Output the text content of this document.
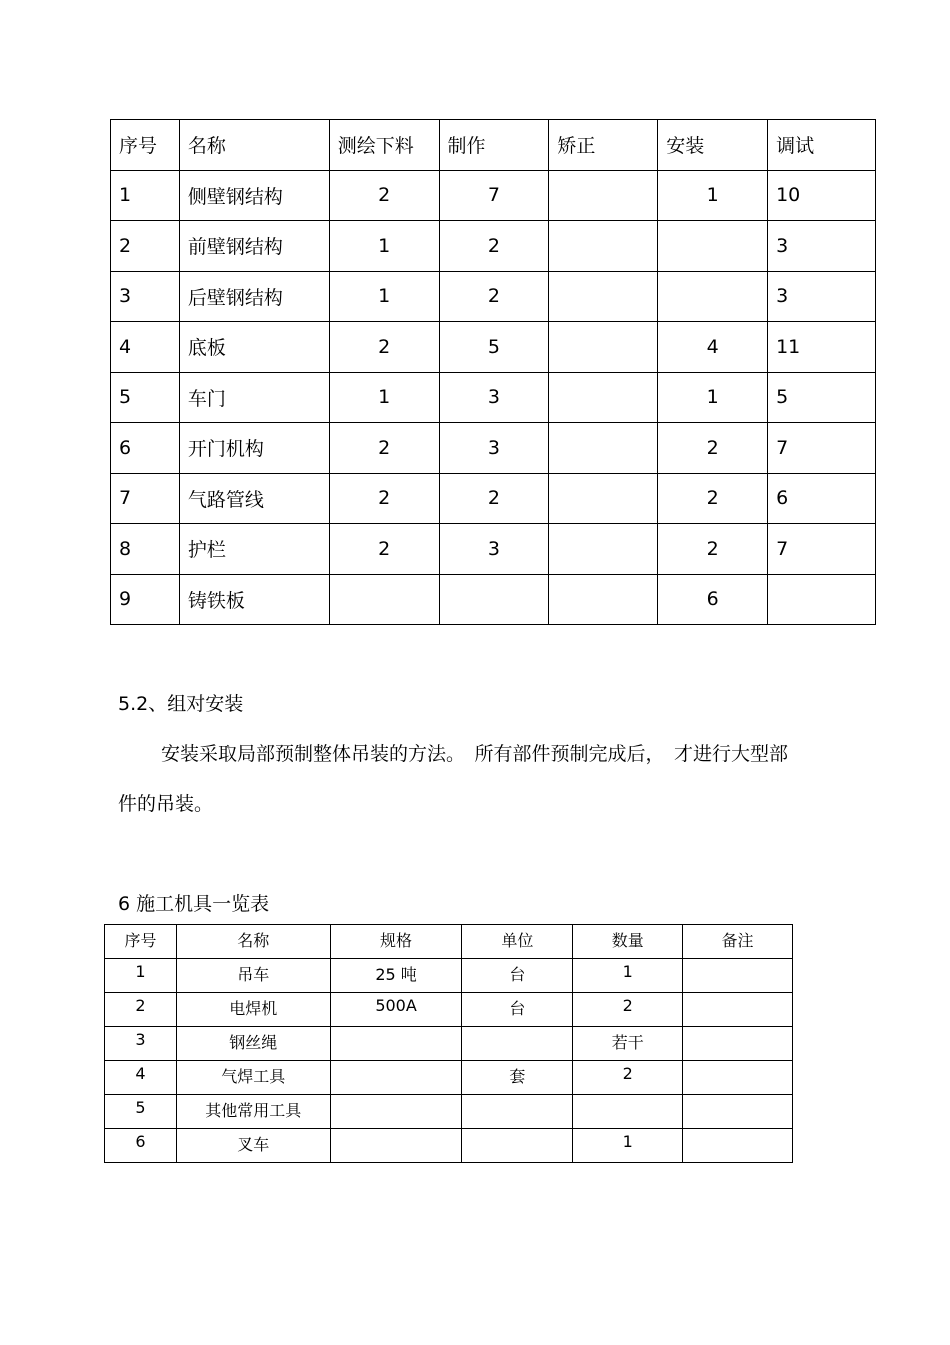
序号	名称	测绘下料	制作	矫正	安装	调试
1	侧壁钢结构	2	7		1	10
2	前壁钢结构	1	2			3
3	后壁钢结构	1	2			3
4	底板	2	5		4	11
5	车门	1	3		1	5
6	开门机构	2	3		2	7
7	气路管线	2	2		2	6
8	护栏	2	3		2	7
9	铸铁板				6	
5.2、组对安装
安装采取局部预制整体吊装的方法。　所有部件预制完成后，　才进行大型部
件的吊装。
6 施工机具一览表
序号	名称	规格	单位	数量	备注
1	吊车	25 吨	台	1	
2	电焊机	500A	台	2	
3	钢丝绳			若干	
4	气焊工具		套	2	
5	其他常用工具				
6	叉车			1	
